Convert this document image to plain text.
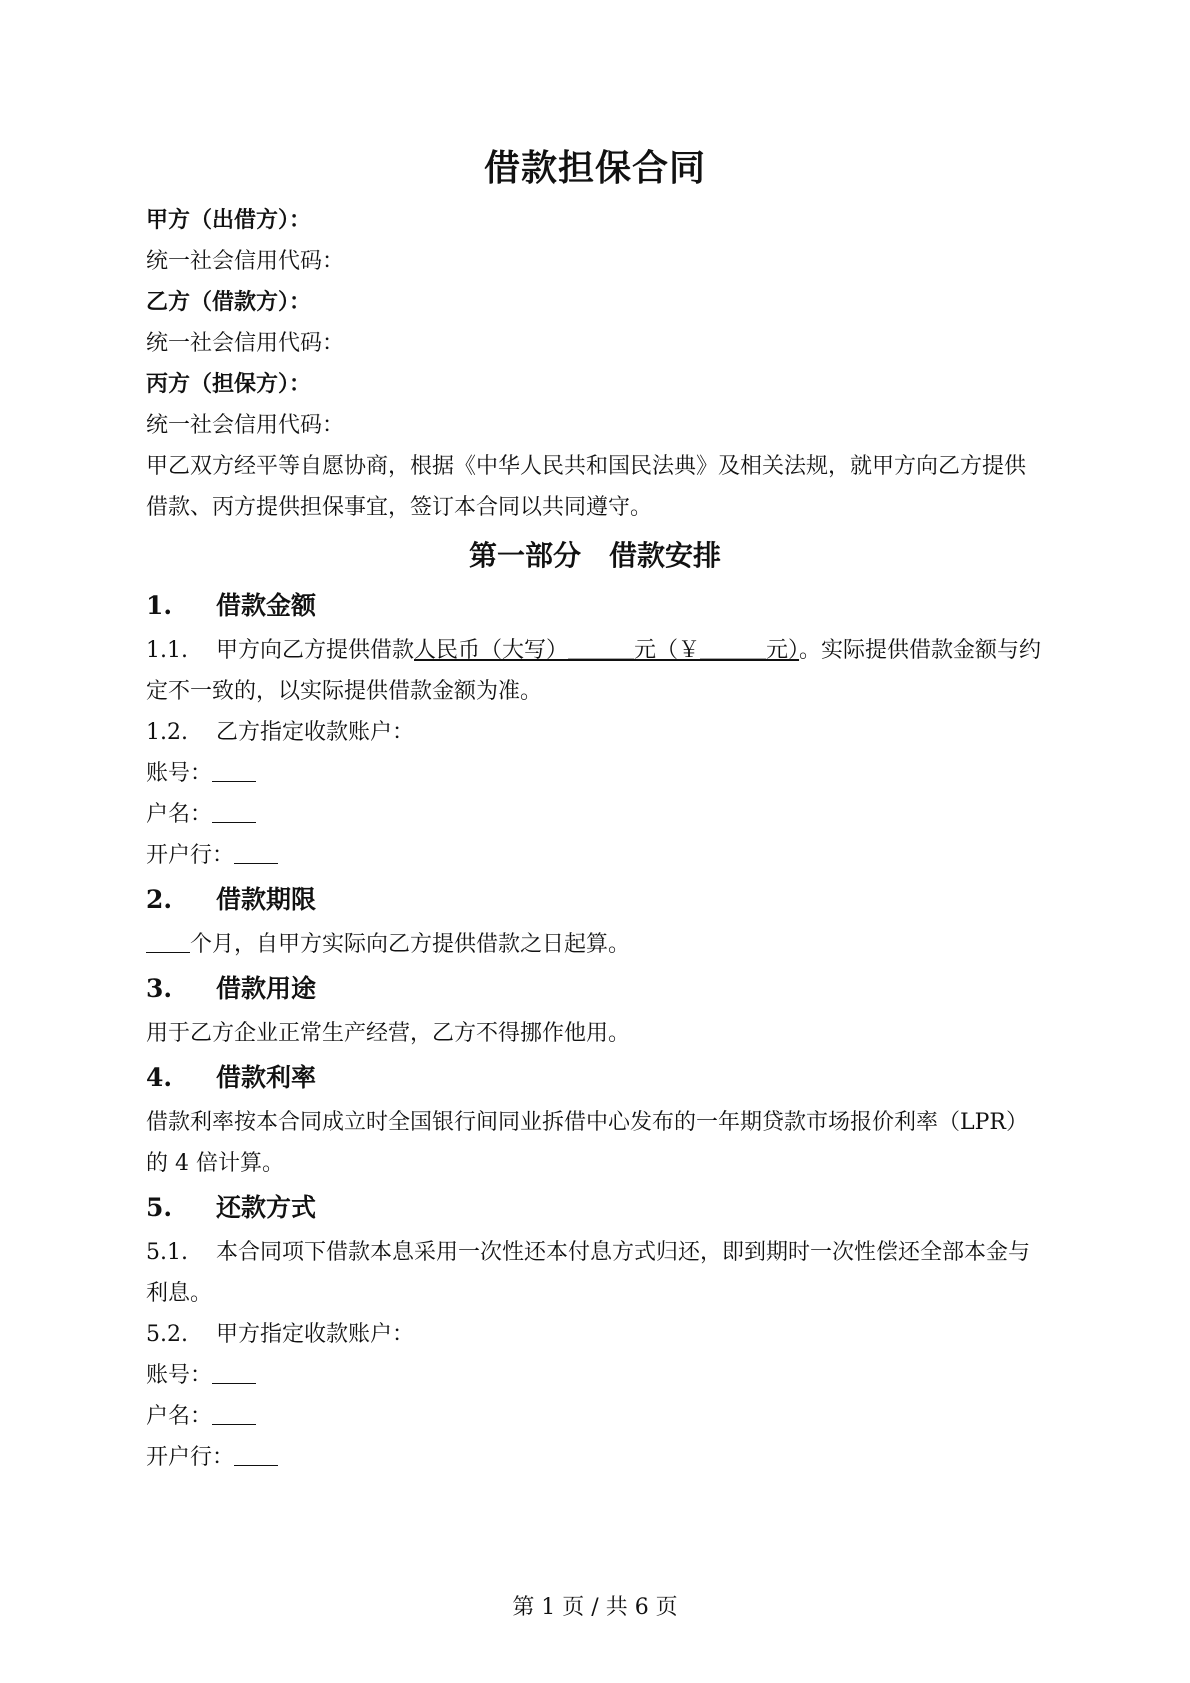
借款担保合同
甲方（出借方）：
统一社会信用代码：
乙方（借款方）：
统一社会信用代码：
丙方（担保方）：
统一社会信用代码：
甲乙双方经平等自愿协商，根据《中华人民共和国民法典》及相关法规，就甲方向乙方提供借款、丙方提供担保事宜，签订本合同以共同遵守。
第一部分　借款安排
1. 借款金额
1.1. 甲方向乙方提供借款人民币（大写）＿＿＿元（￥＿＿＿元）。实际提供借款金额与约定不一致的，以实际提供借款金额为准。
1.2. 乙方指定收款账户：
账号：
户名：
开户行：
2. 借款期限
个月，自甲方实际向乙方提供借款之日起算。
3. 借款用途
用于乙方企业正常生产经营，乙方不得挪作他用。
4. 借款利率
借款利率按本合同成立时全国银行间同业拆借中心发布的一年期贷款市场报价利率（LPR）的 4 倍计算。
5. 还款方式
5.1. 本合同项下借款本息采用一次性还本付息方式归还，即到期时一次性偿还全部本金与利息。
5.2. 甲方指定收款账户：
账号：
户名：
开户行：
第 1 页 / 共 6 页
